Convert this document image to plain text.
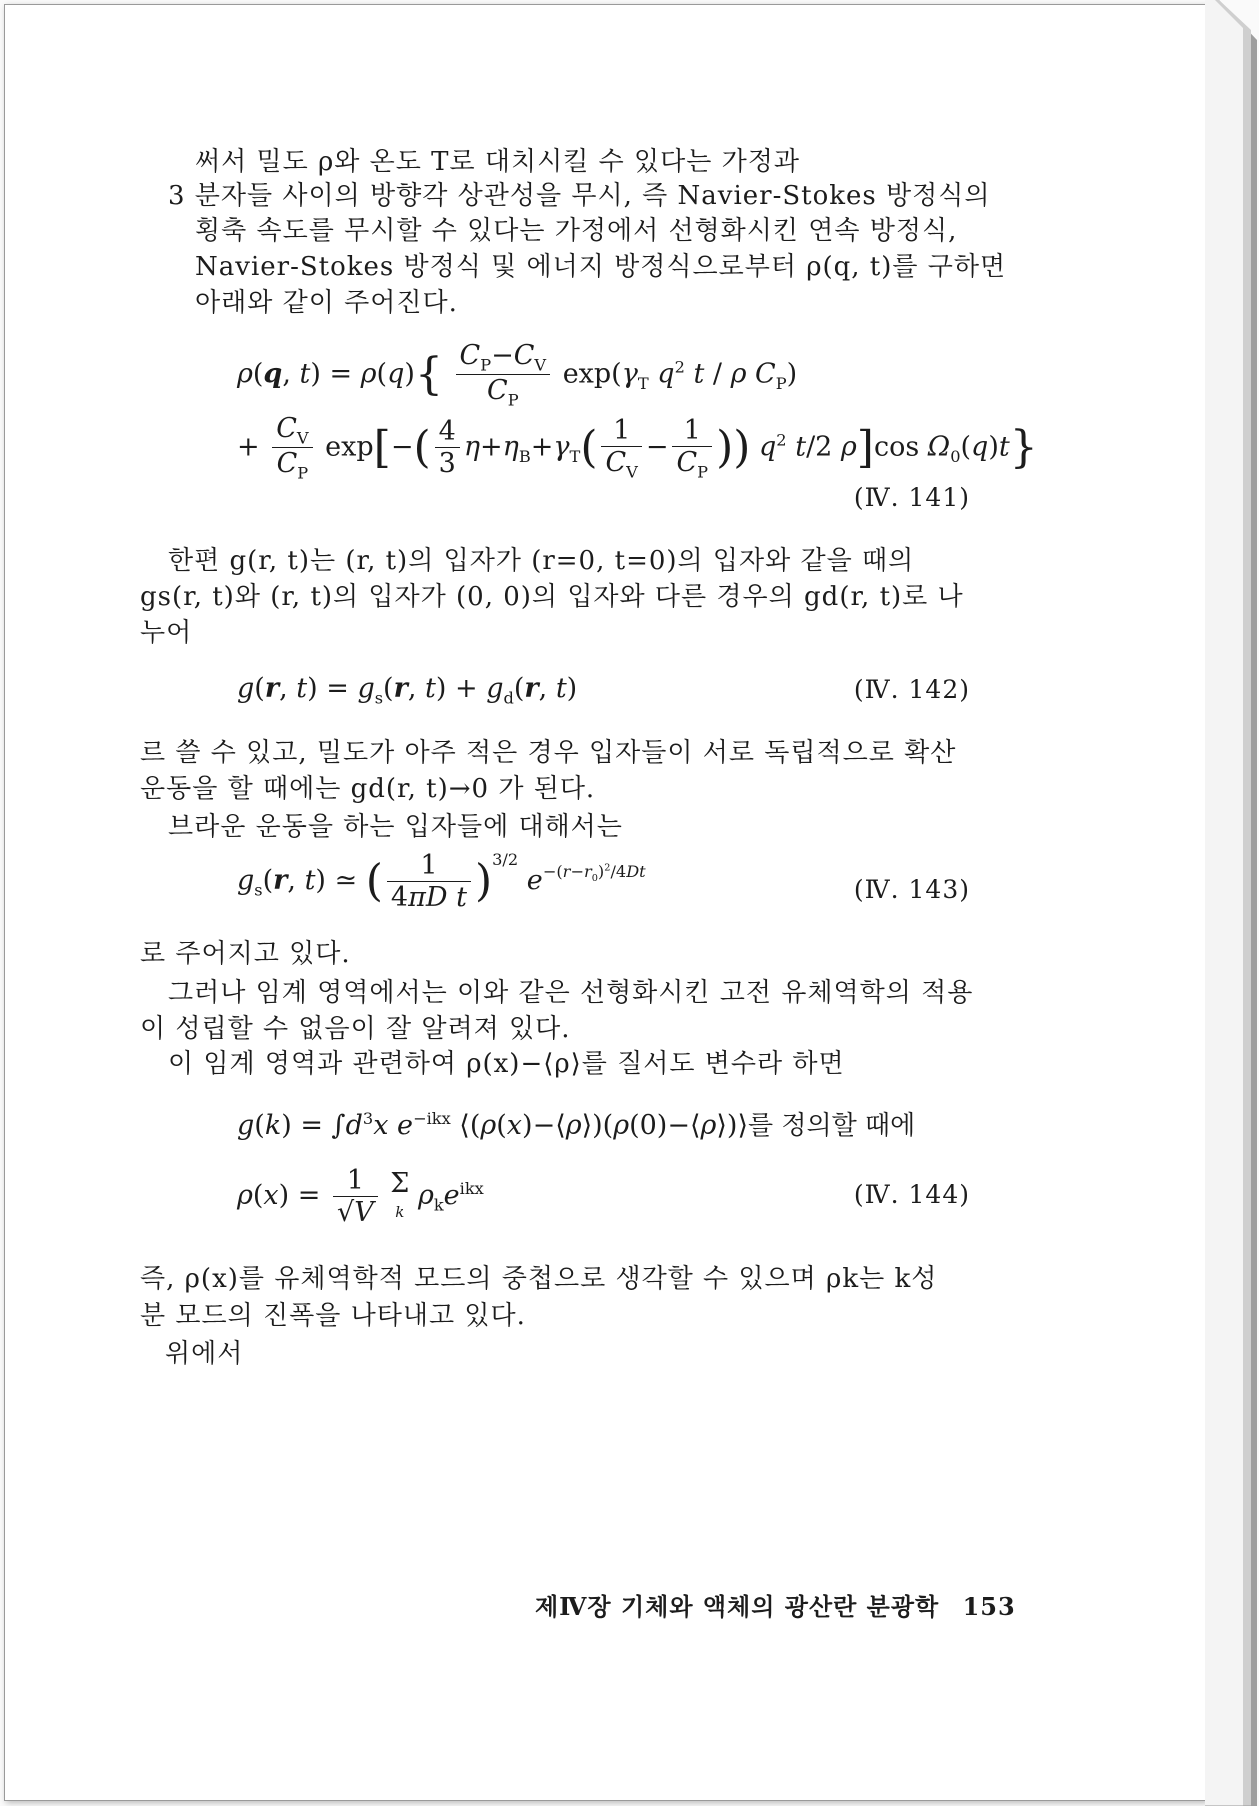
써서 밀도 ρ와 온도 T로 대치시킬 수 있다는 가정과
3 분자들 사이의 방향각 상관성을 무시, 즉 Navier-Stokes 방정식의
횡축 속도를 무시할 수 있다는 가정에서 선형화시킨 연속 방정식,
Navier-Stokes 방정식 및 에너지 방정식으로부터 ρ(q, t)를 구하면
아래와 같이 주어진다.
ρ(q, $t) = \rho(q)\{ \frac{C_P-C_V}{C_P} \exp(\gamma_T$ $q^2$ t / ρ $C_P$)
+ $\frac{C_V}{C_P} \exp[-( \frac{4}{3} \eta+\eta_B+\gamma_T( \frac{1}{C_V} - \frac{1}{C_P}$ )) $q^2$ t/2 ρ]cos $\Omega_0(q)t$}
(Ⅳ. 141)
한편 g(r, t)는 (r, t)의 입자가 (r=0, t=0)의 입자와 같을 때의
gs(r, t)와 (r, t)의 입자가 (0, 0)의 입자와 다른 경우의 gd(r, t)로 나
누어
g(r, $t) = g_s(r$, $t) + g_d(r$, t)	(Ⅳ. 142)
르 쓸 수 있고, 밀도가 아주 적은 경우 입자들이 서로 독립적으로 확산
운동을 할 때에는 gd(r, t)→0 가 된다.
브라운 운동을 하는 입자들에 대해서는
$g_s(r$, t) ≃ ( $\frac{1}{\text{4πD t}} )^{3/2}$ $e^{-(r-r_0)^2/4Dt}$
(Ⅳ. 143)
로 주어지고 있다.
그러나 임계 영역에서는 이와 같은 선형화시킨 고전 유체역학의 적용
이 성립할 수 없음이 잘 알려져 있다.
이 임계 영역과 관련하여 ρ(x)−⟨ρ⟩를 질서도 변수라 하면
$g(k) = \int d^3x$ $e^{-ikx}$ ⟨(ρ(x)−⟨ρ⟩)(ρ(0)−⟨ρ⟩)⟩를 정의할 때에
$\rho(x) = \frac{1}{√V}$ Σ
k $\rho_ke^{ikx}$	(Ⅳ. 144)
즉, ρ(x)를 유체역학적 모드의 중첩으로 생각할 수 있으며 ρk는 k성
분 모드의 진폭을 나타내고 있다.
위에서
제Ⅳ장 기체와 액체의 광산란 분광학 153
